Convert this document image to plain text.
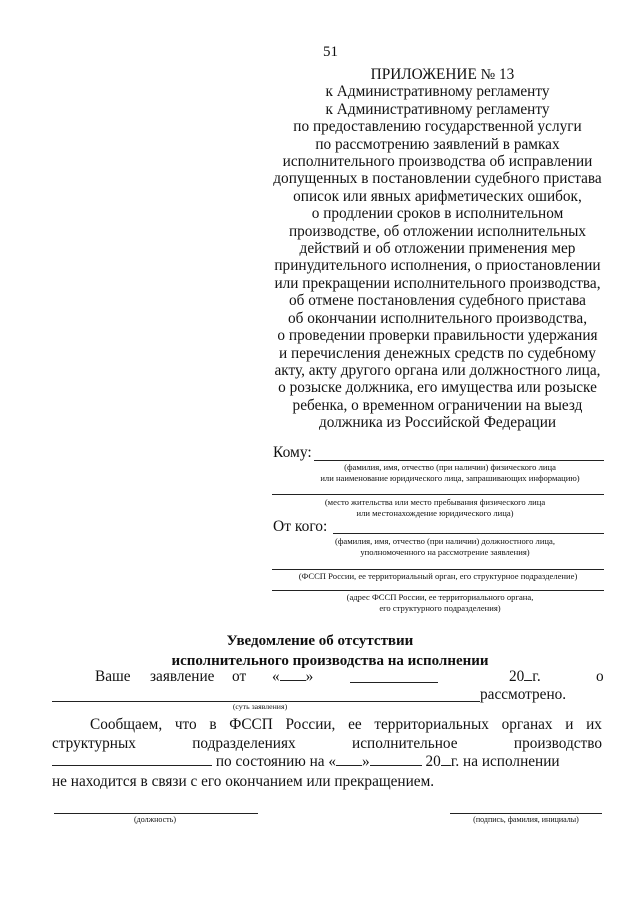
51
ПРИЛОЖЕНИЕ № 13
к Административному регламенту
к Административному регламенту
по предоставлению государственной услуги
по рассмотрению заявлений в рамках
исполнительного производства об исправлении
допущенных в постановлении судебного пристава
описок или явных арифметических ошибок,
о продлении сроков в исполнительном
производстве, об отложении исполнительных
действий и об отложении применения мер
принудительного исполнения, о приостановлении
или прекращении исполнительного производства,
об отмене постановления судебного пристава
об окончании исполнительного производства,
о проведении проверки правильности удержания
и перечисления денежных средств по судебному
акту, акту другого органа или должностного лица,
о розыске должника, его имущества или розыске
ребенка, о временном ограничении на выезд
должника из Российской Федерации
Кому:
(фамилия, имя, отчество (при наличии) физического лица
или наименование юридического лица, запрашивающих информацию)
(место жительства или место пребывания физического лица
или местонахождение юридического лица)
От кого:
(фамилия, имя, отчество (при наличии) должностного лица,
уполномоченного на рассмотрение заявления)
(ФССП России, ее территориальный орган, его структурное подразделение)
(адрес ФССП России, ее территориального органа,
его структурного подразделения)
Уведомление об отсутствии
исполнительного производства на исполнении
Ваше заявление от « »	20 г.	о
рассмотрено.
(суть заявления)
Сообщаем, что в ФССП России, ее территориальных органах и их
структурных	подразделениях	исполнительное	производство
по состоянию на « »	20 г. на исполнении
не находится в связи с его окончанием или прекращением.
(должность)	(подпись, фамилия, инициалы)
